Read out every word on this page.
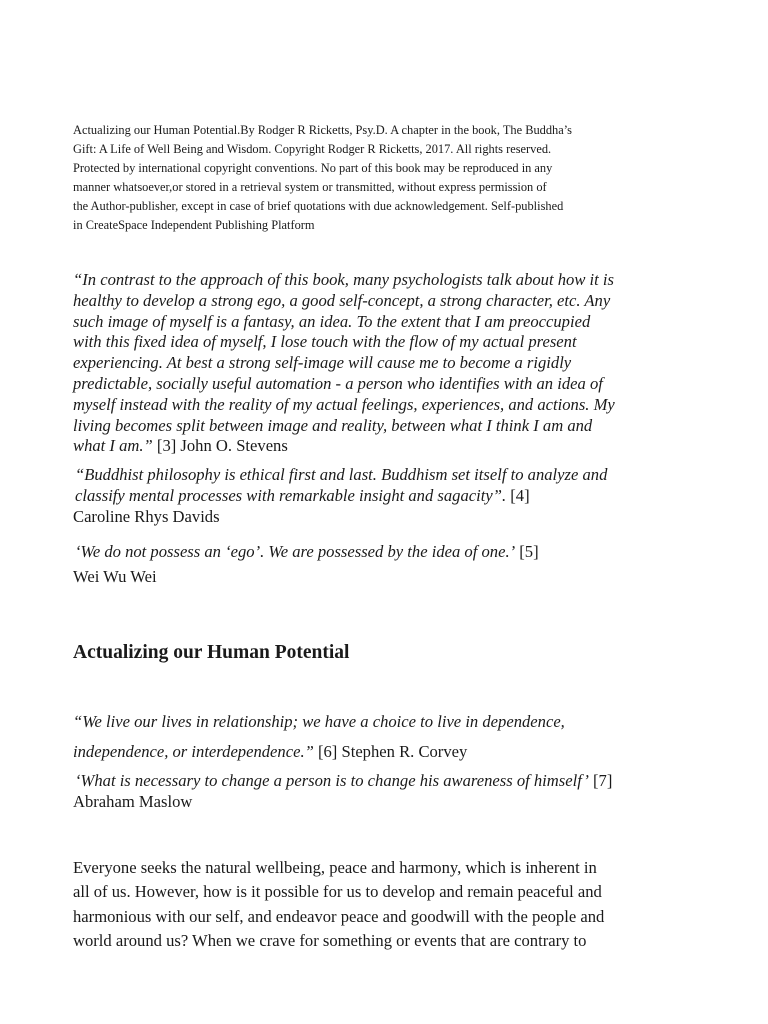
Actualizing our Human Potential.By Rodger R Ricketts, Psy.D. A chapter in the book, The Buddha’s
Gift: A Life of Well Being and Wisdom. Copyright Rodger R Ricketts, 2017. All rights reserved.
Protected by international copyright conventions. No part of this book may be reproduced in any
manner whatsoever,or stored in a retrieval system or transmitted, without express permission of
the Author-publisher, except in case of brief quotations with due acknowledgement. Self-published
in CreateSpace Independent Publishing Platform

“In contrast to the approach of this book, many psychologists talk about how it is
healthy to develop a strong ego, a good self-concept, a strong character, etc. Any
such image of myself is a fantasy, an idea. To the extent that I am preoccupied
with this fixed idea of myself, I lose touch with the flow of my actual present
experiencing. At best a strong self-image will cause me to become a rigidly
predictable, socially useful automation - a person who identifies with an idea of
myself instead with the reality of my actual feelings, experiences, and actions. My
living becomes split between image and reality, between what I think I am and
what I am.” [3] John O. Stevens

“Buddhist philosophy is ethical first and last. Buddhism set itself to analyze and
classify mental processes with remarkable insight and sagacity”. [4]
Caroline Rhys Davids

‘We do not possess an ‘ego’. We are possessed by the idea of one.’ [5]
Wei Wu Wei

Actualizing our Human Potential

“We live our lives in relationship; we have a choice to live in dependence,
independence, or interdependence.” [6] Stephen R. Corvey

‘What is necessary to change a person is to change his awareness of himself’ [7]
Abraham Maslow

Everyone seeks the natural wellbeing, peace and harmony, which is inherent in
all of us. However, how is it possible for us to develop and remain peaceful and
harmonious with our self, and endeavor peace and goodwill with the people and
world around us? When we crave for something or events that are contrary to
